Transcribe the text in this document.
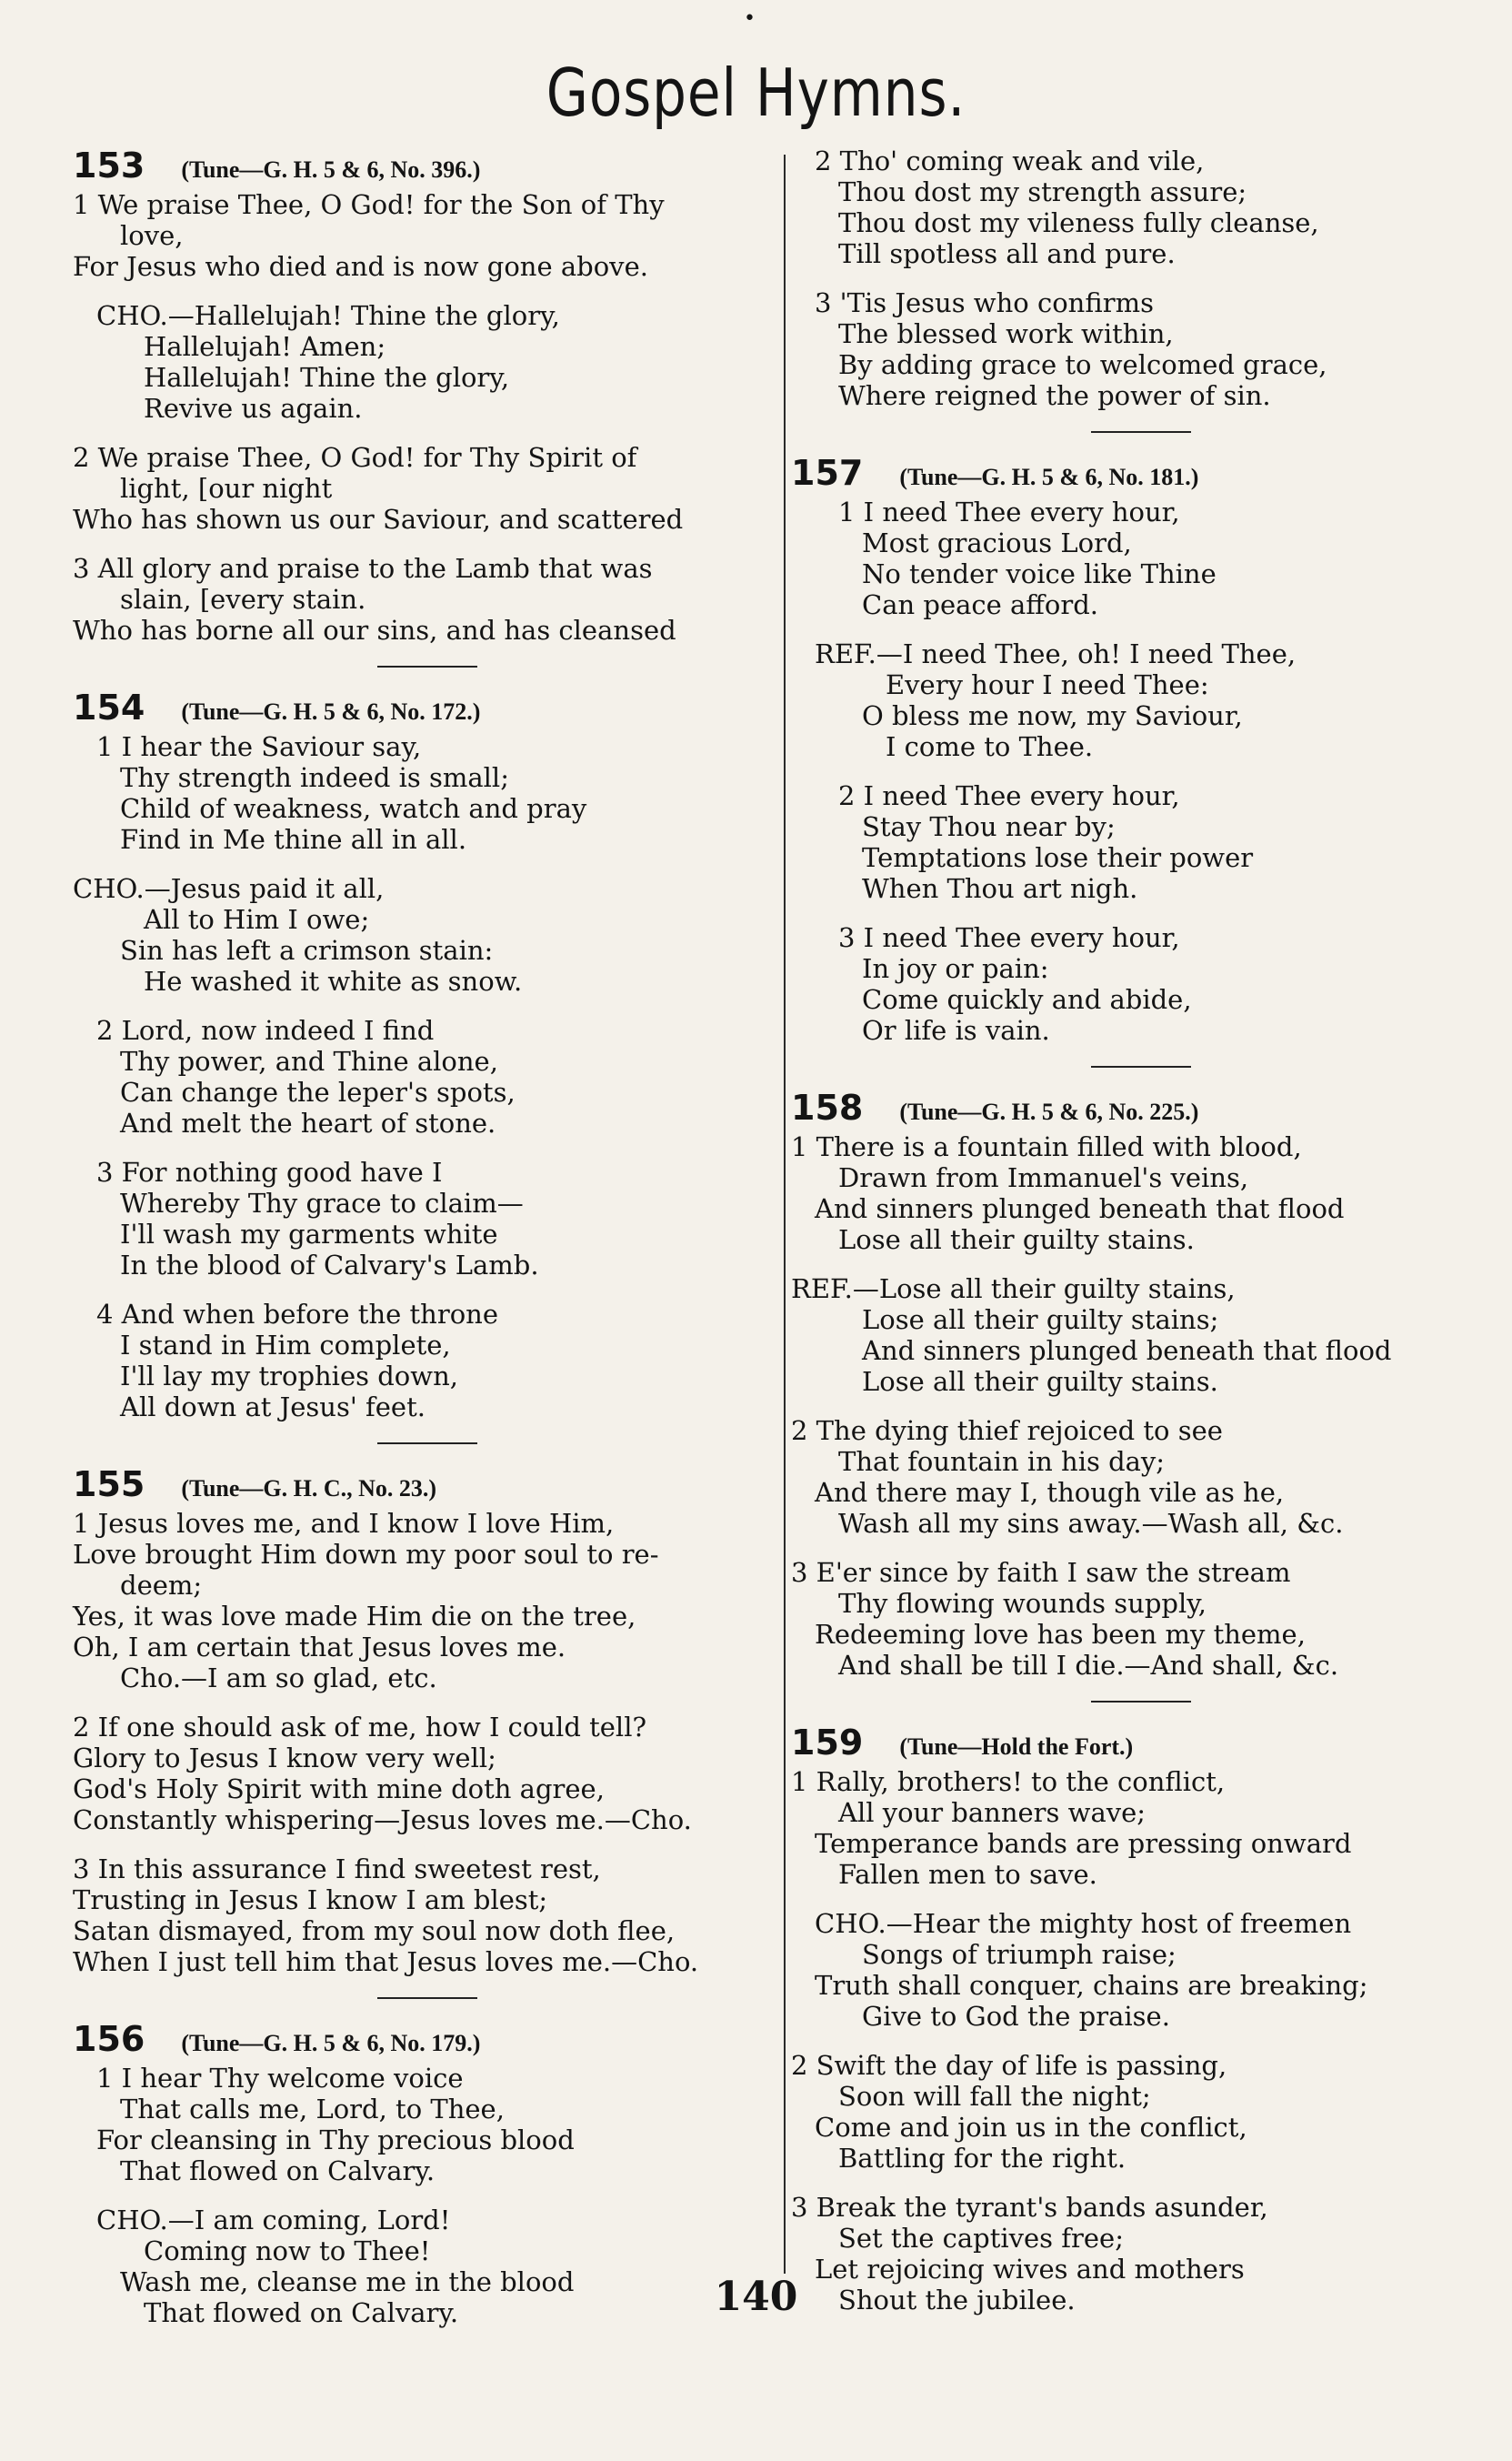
•
Gospel Hymns.
153 (Tune—G. H. 5 & 6, No. 396.)
1 We praise Thee, O God! for the Son of Thy
love,
For Jesus who died and is now gone above.
CHO.—Hallelujah! Thine the glory,
Hallelujah! Amen;
Hallelujah! Thine the glory,
Revive us again.
2 We praise Thee, O God! for Thy Spirit of
light, [our night
Who has shown us our Saviour, and scattered
3 All glory and praise to the Lamb that was
slain, [every stain.
Who has borne all our sins, and has cleansed
154 (Tune—G. H. 5 & 6, No. 172.)
1 I hear the Saviour say,
Thy strength indeed is small;
Child of weakness, watch and pray
Find in Me thine all in all.
CHO.—Jesus paid it all,
All to Him I owe;
Sin has left a crimson stain:
He washed it white as snow.
2 Lord, now indeed I find
Thy power, and Thine alone,
Can change the leper's spots,
And melt the heart of stone.
3 For nothing good have I
Whereby Thy grace to claim—
I'll wash my garments white
In the blood of Calvary's Lamb.
4 And when before the throne
I stand in Him complete,
I'll lay my trophies down,
All down at Jesus' feet.
155 (Tune—G. H. C., No. 23.)
1 Jesus loves me, and I know I love Him,
Love brought Him down my poor soul to re-
deem;
Yes, it was love made Him die on the tree,
Oh, I am certain that Jesus loves me.
Cho.—I am so glad, etc.
2 If one should ask of me, how I could tell?
Glory to Jesus I know very well;
God's Holy Spirit with mine doth agree,
Constantly whispering—Jesus loves me.—Cho.
3 In this assurance I find sweetest rest,
Trusting in Jesus I know I am blest;
Satan dismayed, from my soul now doth flee,
When I just tell him that Jesus loves me.—Cho.
156 (Tune—G. H. 5 & 6, No. 179.)
1 I hear Thy welcome voice
That calls me, Lord, to Thee,
For cleansing in Thy precious blood
That flowed on Calvary.
CHO.—I am coming, Lord!
Coming now to Thee!
Wash me, cleanse me in the blood
That flowed on Calvary.
2 Tho' coming weak and vile,
Thou dost my strength assure;
Thou dost my vileness fully cleanse,
Till spotless all and pure.
3 'Tis Jesus who confirms
The blessed work within,
By adding grace to welcomed grace,
Where reigned the power of sin.
157 (Tune—G. H. 5 & 6, No. 181.)
1 I need Thee every hour,
Most gracious Lord,
No tender voice like Thine
Can peace afford.
REF.—I need Thee, oh! I need Thee,
Every hour I need Thee:
O bless me now, my Saviour,
I come to Thee.
2 I need Thee every hour,
Stay Thou near by;
Temptations lose their power
When Thou art nigh.
3 I need Thee every hour,
In joy or pain:
Come quickly and abide,
Or life is vain.
158 (Tune—G. H. 5 & 6, No. 225.)
1 There is a fountain filled with blood,
Drawn from Immanuel's veins,
And sinners plunged beneath that flood
Lose all their guilty stains.
REF.—Lose all their guilty stains,
Lose all their guilty stains;
And sinners plunged beneath that flood
Lose all their guilty stains.
2 The dying thief rejoiced to see
That fountain in his day;
And there may I, though vile as he,
Wash all my sins away.—Wash all, &c.
3 E'er since by faith I saw the stream
Thy flowing wounds supply,
Redeeming love has been my theme,
And shall be till I die.—And shall, &c.
159 (Tune—Hold the Fort.)
1 Rally, brothers! to the conflict,
All your banners wave;
Temperance bands are pressing onward
Fallen men to save.
CHO.—Hear the mighty host of freemen
Songs of triumph raise;
Truth shall conquer, chains are breaking;
Give to God the praise.
2 Swift the day of life is passing,
Soon will fall the night;
Come and join us in the conflict,
Battling for the right.
3 Break the tyrant's bands asunder,
Set the captives free;
Let rejoicing wives and mothers
Shout the jubilee.
140
